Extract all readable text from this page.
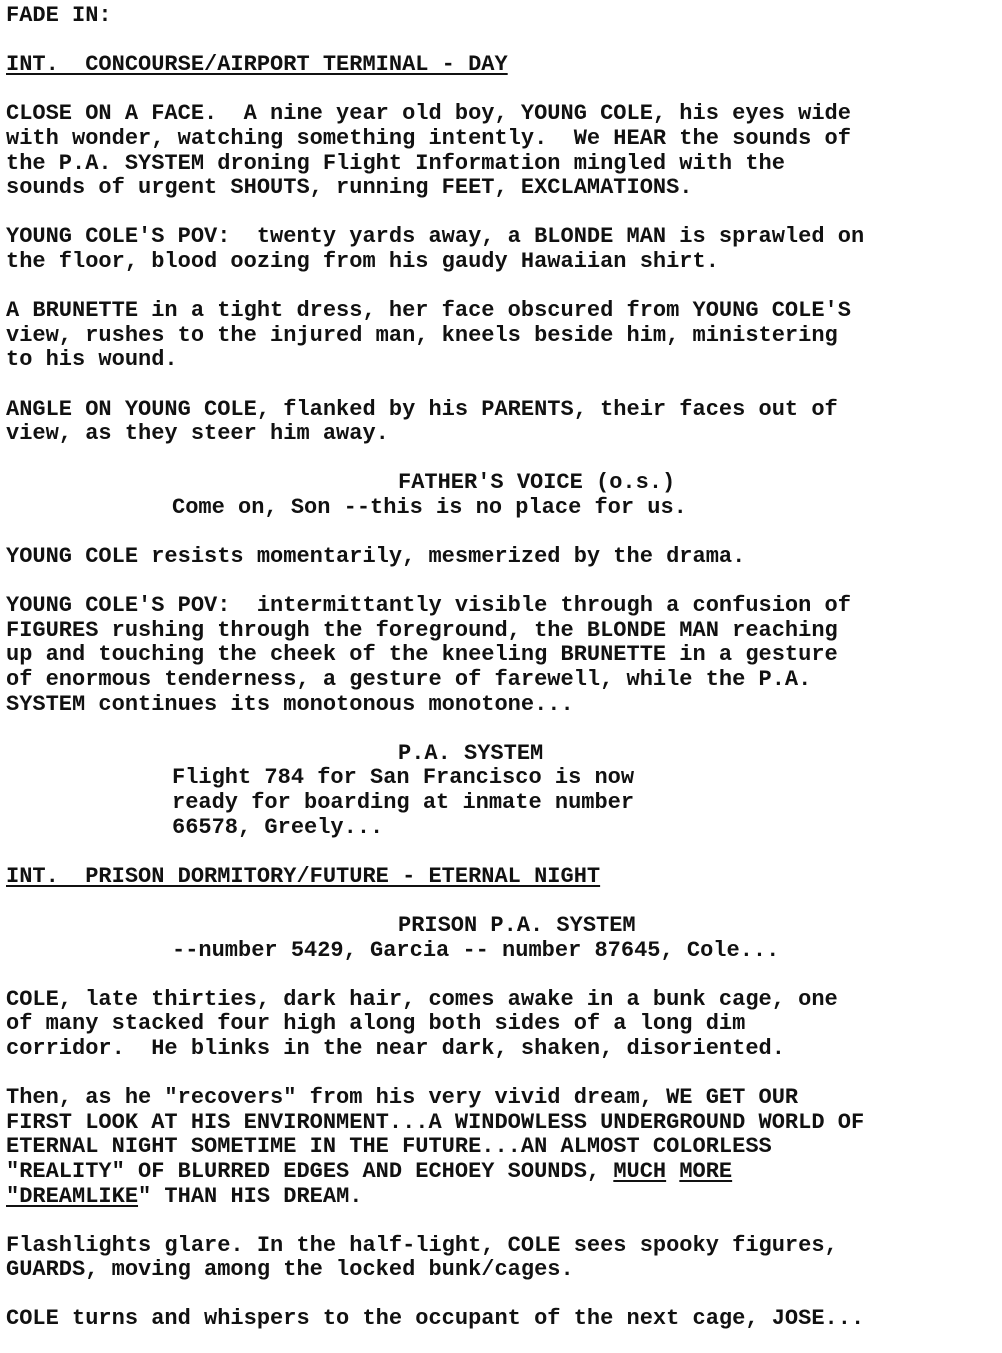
FADE IN:
INT.  CONCOURSE/AIRPORT TERMINAL - DAY
CLOSE ON A FACE.  A nine year old boy, YOUNG COLE, his eyes wide
with wonder, watching something intently.  We HEAR the sounds of
the P.A. SYSTEM droning Flight Information mingled with the
sounds of urgent SHOUTS, running FEET, EXCLAMATIONS.
YOUNG COLE'S POV:  twenty yards away, a BLONDE MAN is sprawled on
the floor, blood oozing from his gaudy Hawaiian shirt.
A BRUNETTE in a tight dress, her face obscured from YOUNG COLE'S
view, rushes to the injured man, kneels beside him, ministering
to his wound.
ANGLE ON YOUNG COLE, flanked by his PARENTS, their faces out of
view, as they steer him away.
FATHER'S VOICE (o.s.)
Come on, Son --this is no place for us.
YOUNG COLE resists momentarily, mesmerized by the drama.
YOUNG COLE'S POV:  intermittantly visible through a confusion of
FIGURES rushing through the foreground, the BLONDE MAN reaching
up and touching the cheek of the kneeling BRUNETTE in a gesture
of enormous tenderness, a gesture of farewell, while the P.A.
SYSTEM continues its monotonous monotone...
P.A. SYSTEM
Flight 784 for San Francisco is now
ready for boarding at inmate number
66578, Greely...
INT.  PRISON DORMITORY/FUTURE - ETERNAL NIGHT
PRISON P.A. SYSTEM
--number 5429, Garcia -- number 87645, Cole...
COLE, late thirties, dark hair, comes awake in a bunk cage, one
of many stacked four high along both sides of a long dim
corridor.  He blinks in the near dark, shaken, disoriented.
Then, as he "recovers" from his very vivid dream, WE GET OUR
FIRST LOOK AT HIS ENVIRONMENT...A WINDOWLESS UNDERGROUND WORLD OF
ETERNAL NIGHT SOMETIME IN THE FUTURE...AN ALMOST COLORLESS
"REALITY" OF BLURRED EDGES AND ECHOEY SOUNDS, MUCH MORE
"DREAMLIKE" THAN HIS DREAM.
Flashlights glare. In the half-light, COLE sees spooky figures,
GUARDS, moving among the locked bunk/cages.
COLE turns and whispers to the occupant of the next cage, JOSE...
